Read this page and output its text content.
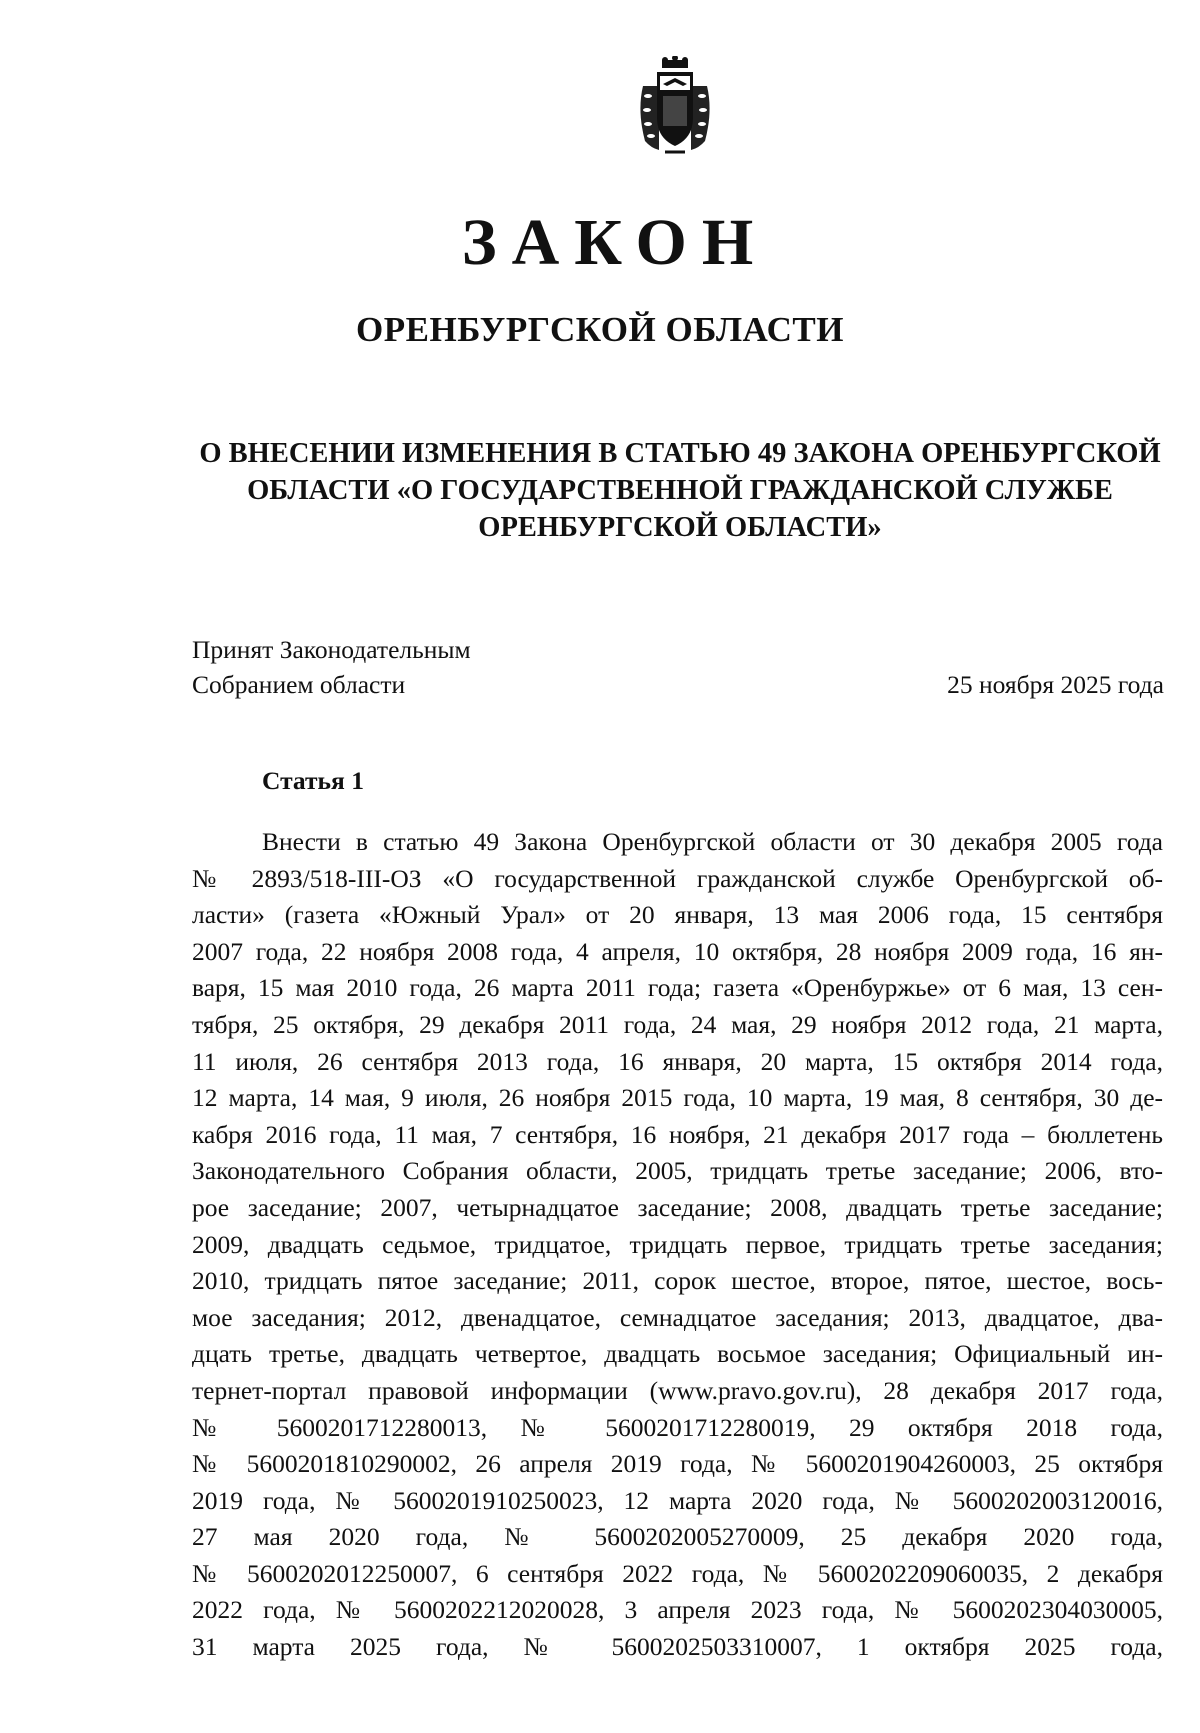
ЗАКОН
ОРЕНБУРГСКОЙ ОБЛАСТИ
О ВНЕСЕНИИ ИЗМЕНЕНИЯ В СТАТЬЮ 49 ЗАКОНА ОРЕНБУРГСКОЙ
ОБЛАСТИ «О ГОСУДАРСТВЕННОЙ ГРАЖДАНСКОЙ СЛУЖБЕ
ОРЕНБУРГСКОЙ ОБЛАСТИ»
Принят Законодательным
Собранием области	25 ноября 2025 года
Статья 1
Внести в статью 49 Закона Оренбургской области от 30 декабря 2005 года
№ 2893/518-III-ОЗ «О государственной гражданской службе Оренбургской об-
ласти» (газета «Южный Урал» от 20 января, 13 мая 2006 года, 15 сентября
2007 года, 22 ноября 2008 года, 4 апреля, 10 октября, 28 ноября 2009 года, 16 ян-
варя, 15 мая 2010 года, 26 марта 2011 года; газета «Оренбуржье» от 6 мая, 13 сен-
тября, 25 октября, 29 декабря 2011 года, 24 мая, 29 ноября 2012 года, 21 марта,
11 июля, 26 сентября 2013 года, 16 января, 20 марта, 15 октября 2014 года,
12 марта, 14 мая, 9 июля, 26 ноября 2015 года, 10 марта, 19 мая, 8 сентября, 30 де-
кабря 2016 года, 11 мая, 7 сентября, 16 ноября, 21 декабря 2017 года – бюллетень
Законодательного Собрания области, 2005, тридцать третье заседание; 2006, вто-
рое заседание; 2007, четырнадцатое заседание; 2008, двадцать третье заседание;
2009, двадцать седьмое, тридцатое, тридцать первое, тридцать третье заседания;
2010, тридцать пятое заседание; 2011, сорок шестое, второе, пятое, шестое, вось-
мое заседания; 2012, двенадцатое, семнадцатое заседания; 2013, двадцатое, два-
дцать третье, двадцать четвертое, двадцать восьмое заседания; Официальный ин-
тернет-портал правовой информации (www.pravo.gov.ru), 28 декабря 2017 года,
№ 5600201712280013, № 5600201712280019, 29 октября 2018 года,
№ 5600201810290002, 26 апреля 2019 года, № 5600201904260003, 25 октября
2019 года, № 5600201910250023, 12 марта 2020 года, № 5600202003120016,
27 мая 2020 года, № 5600202005270009, 25 декабря 2020 года,
№ 5600202012250007, 6 сентября 2022 года, № 5600202209060035, 2 декабря
2022 года, № 5600202212020028, 3 апреля 2023 года, № 5600202304030005,
31 марта 2025 года, № 5600202503310007, 1 октября 2025 года,
